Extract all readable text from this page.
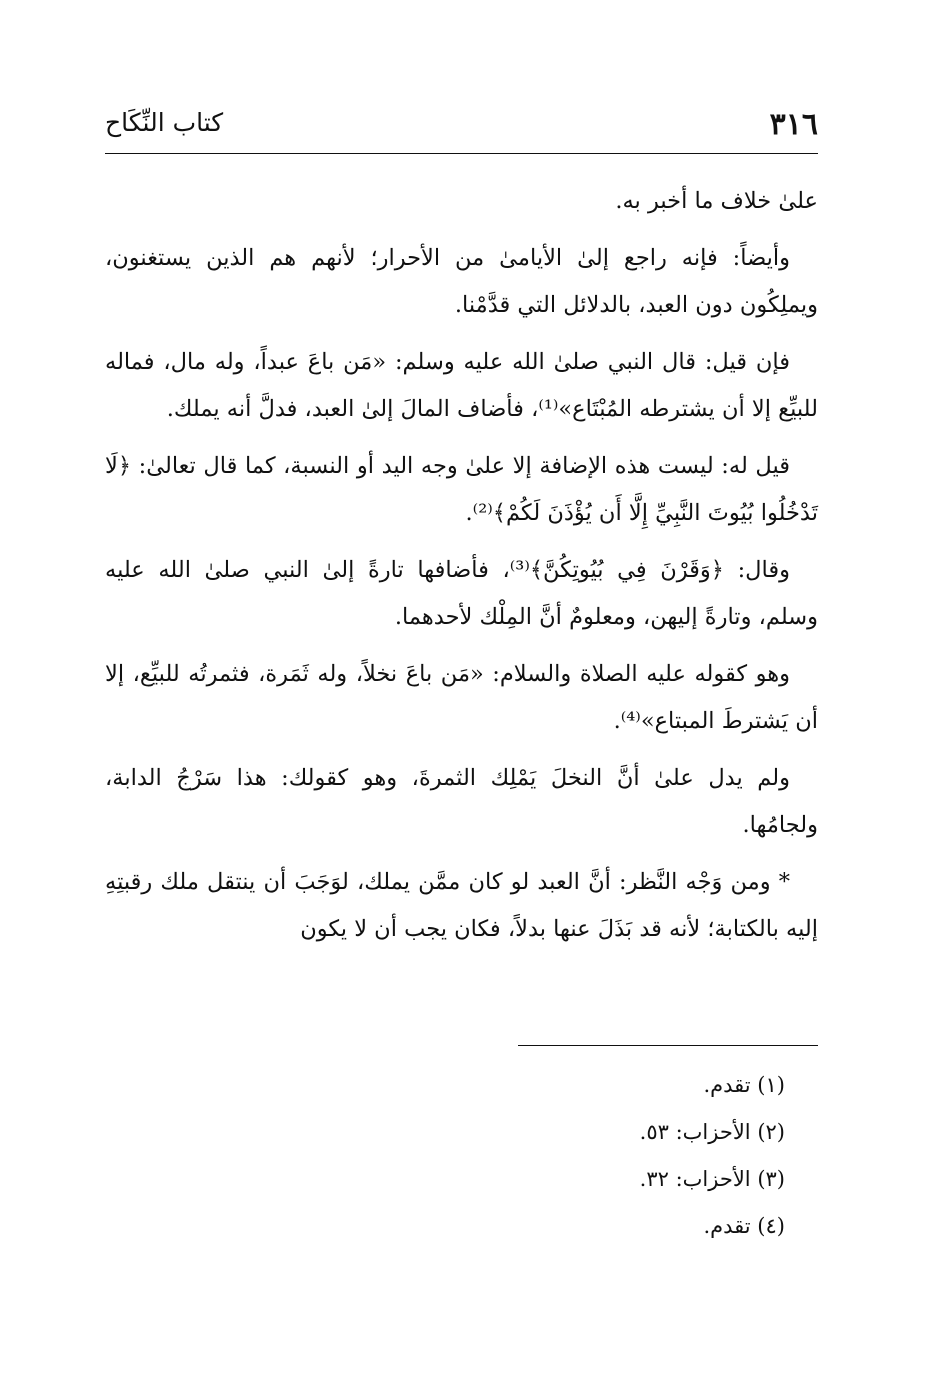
٣١٦
كتاب النِّكَاح

علىٰ خلاف ما أخبر به.

وأيضاً: فإنه راجع إلىٰ الأيامىٰ من الأحرار؛ لأنهم هم الذين يستغنون، ويملِكُون دون العبد، بالدلائل التي قدَّمْنا.

فإن قيل: قال النبي صلىٰ الله عليه وسلم: «مَن باعَ عبداً، وله مال، فماله للبيِّع إلا أن يشترطه المُبْتَاع»⁽¹⁾، فأضاف المالَ إلىٰ العبد، فدلَّ أنه يملك.

قيل له: ليست هذه الإضافة إلا علىٰ وجه اليد أو النسبة، كما قال تعالىٰ: ﴿لَا تَدْخُلُوا بُيُوتَ النَّبِيِّ إِلَّا أَن يُؤْذَنَ لَكُمْ﴾⁽²⁾.

وقال: ﴿وَقَرْنَ فِي بُيُوتِكُنَّ﴾⁽³⁾، فأضافها تارةً إلىٰ النبي صلىٰ الله عليه وسلم، وتارةً إليهن، ومعلومٌ أنَّ المِلْك لأحدهما.

وهو كقوله عليه الصلاة والسلام: «مَن باعَ نخلاً، وله ثَمَرة، فثمرتُه للبيِّع، إلا أن يَشترطَ المبتاع»⁽⁴⁾.

ولم يدل علىٰ أنَّ النخلَ يَمْلِك الثمرةَ، وهو كقولك: هذا سَرْجُ الدابة، ولجامُها.

* ومن وَجْه النَّظر: أنَّ العبد لو كان ممَّن يملك، لوَجَبَ أن ينتقل ملك رقبتِهِ إليه بالكتابة؛ لأنه قد بَذَلَ عنها بدلاً، فكان يجب أن لا يكون

(١) تقدم.
(٢) الأحزاب: ٥٣.
(٣) الأحزاب: ٣٢.
(٤) تقدم.
